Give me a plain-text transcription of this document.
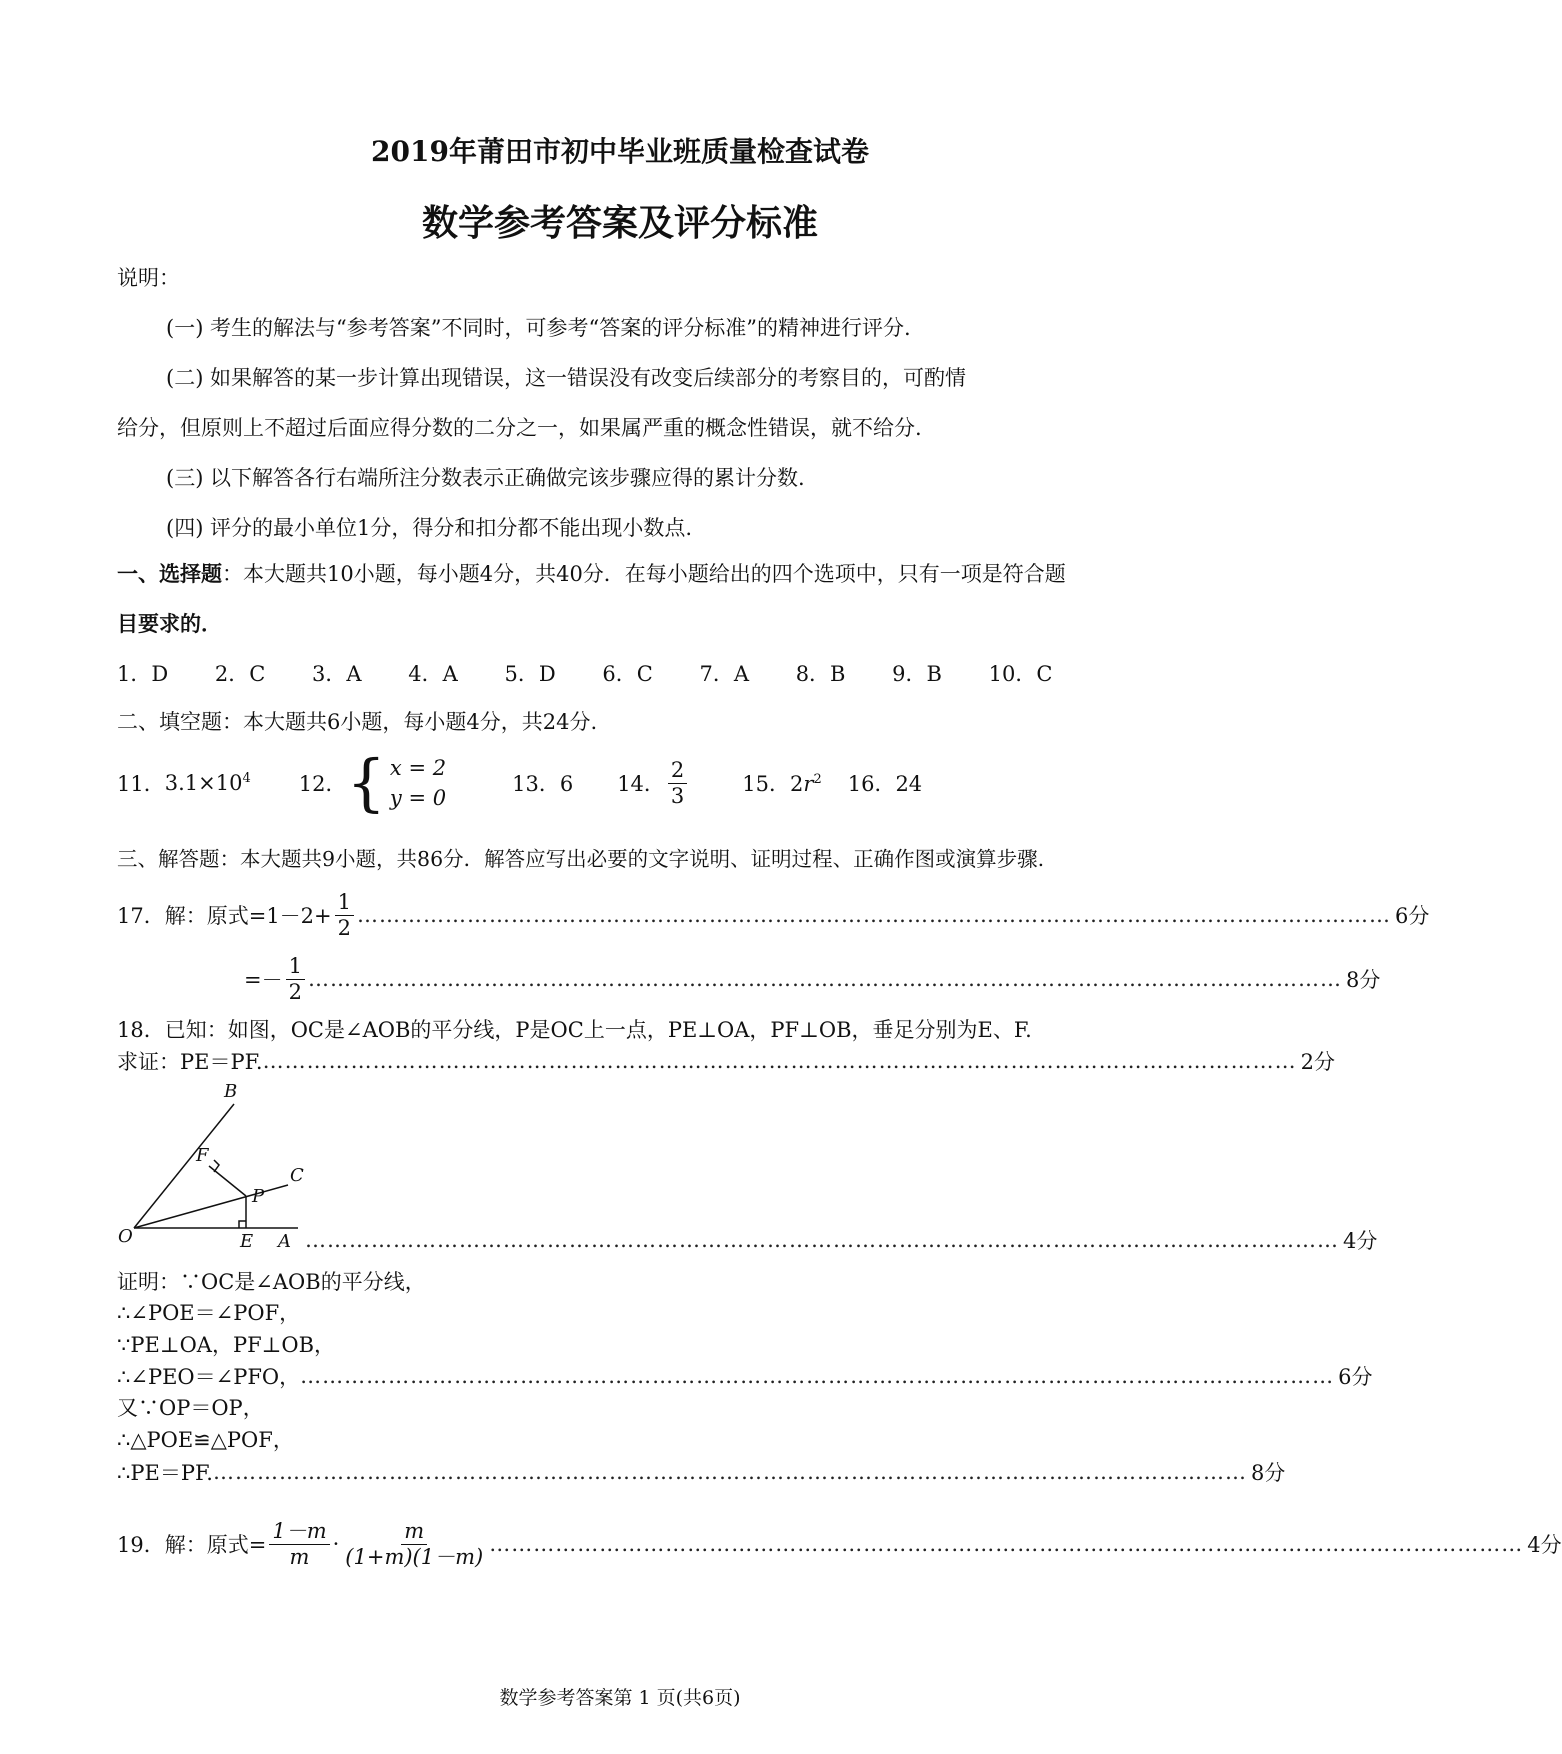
2019年莆田市初中毕业班质量检查试卷
数学参考答案及评分标准
说明：
(一) 考生的解法与“参考答案”不同时，可参考“答案的评分标准”的精神进行评分.
(二) 如果解答的某一步计算出现错误，这一错误没有改变后续部分的考察目的，可酌情
给分，但原则上不超过后面应得分数的二分之一，如果属严重的概念性错误，就不给分.
(三) 以下解答各行右端所注分数表示正确做完该步骤应得的累计分数.
(四) 评分的最小单位1分，得分和扣分都不能出现小数点.
一、选择题：本大题共10小题，每小题4分，共40分．在每小题给出的四个选项中，只有一项是符合题
目要求的．
1．D 2．C 3．A 4．A 5．D 6．C 7．A 8．B 9．B 10．C
二、填空题：本大题共6小题，每小题4分，共24分.
11． $3.1\times 10^4$ 12． { x = 2
y = 0
13．6 14． $\frac{2}{3}$	15．$2r^2$ 16．24
三、解答题：本大题共9小题，共86分．解答应写出必要的文字说明、证明过程、正确作图或演算步骤.
17．解：原式$=1-2+ \frac{1}{2}$ …………………………………………………………………………………………………………………………… 6分
=－ $\frac{1}{2}$ …………………………………………………………………………………………………………………………… 8分
18．已知：如图，OC是∠AOB的平分线，P是OC上一点，PE⊥OA，PF⊥OB，垂足分别为E、F.
求证：PE＝PF. …………………………………………………………………………………………………………………………… 2分
B
F
C
P
O	E A …………………………………………………………………………………………………………………………… 4分
证明：∵OC是∠AOB的平分线，
∴∠POE＝∠POF，
∵PE⊥OA，PF⊥OB，
∴∠PEO＝∠PFO， …………………………………………………………………………………………………………………………… 6分
又∵OP＝OP，
∴△POE≌△POF，
∴PE＝PF. …………………………………………………………………………………………………………………………… 8分
19．解：原式= $\frac{1-m}{m} \cdot \frac{m}{(1+m)(1-m)}$ …………………………………………………………………………………………………………………………… 4分
数学参考答案第 1 页(共6页)
